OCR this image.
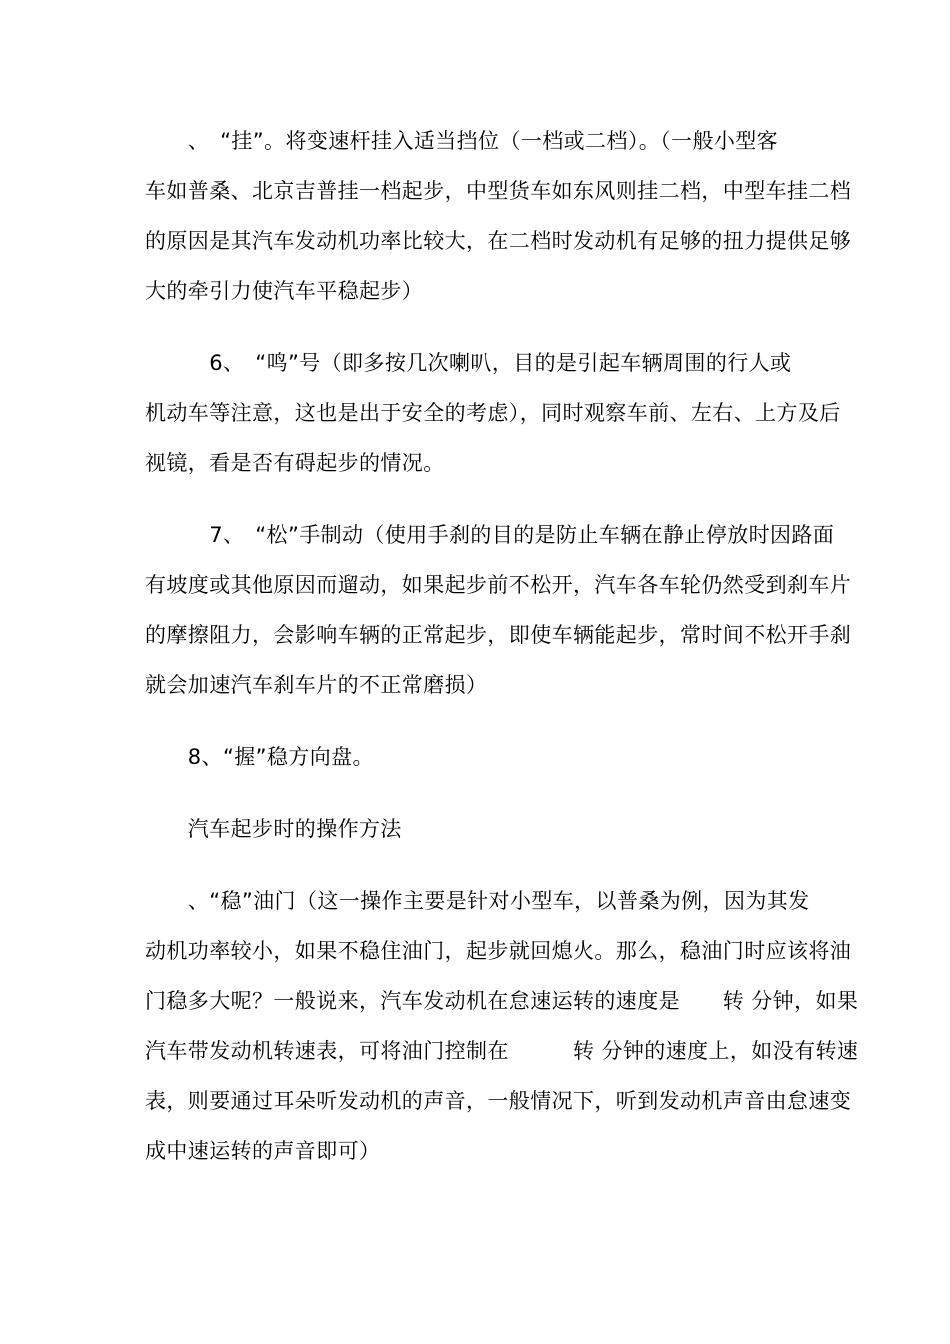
　　、　“挂”。将变速杆挂入适当挡位（一档或二档）。（一般小型客
车如普桑、北京吉普挂一档起步，中型货车如东风则挂二档，中型车挂二档
的原因是其汽车发动机功率比较大，在二档时发动机有足够的扭力提供足够
大的牵引力使汽车平稳起步）
　　　6、　“鸣”号（即多按几次喇叭，目的是引起车辆周围的行人或
机动车等注意，这也是出于安全的考虑），同时观察车前、左右、上方及后
视镜，看是否有碍起步的情况。
　　　7、　“松”手制动（使用手刹的目的是防止车辆在静止停放时因路面
有坡度或其他原因而遛动，如果起步前不松开，汽车各车轮仍然受到刹车片
的摩擦阻力，会影响车辆的正常起步，即使车辆能起步，常时间不松开手刹
就会加速汽车刹车片的不正常磨损）
　　8、“握”稳方向盘。
　　汽车起步时的操作方法
　　、“稳”油门（这一操作主要是针对小型车，以普桑为例，因为其发
动机功率较小，如果不稳住油门，起步就回熄火。那么，稳油门时应该将油
门稳多大呢？一般说来，汽车发动机在怠速运转的速度是　　转 分钟，如果
汽车带发动机转速表，可将油门控制在　　　转 分钟的速度上，如没有转速
表，则要通过耳朵听发动机的声音，一般情况下，听到发动机声音由怠速变
成中速运转的声音即可）
